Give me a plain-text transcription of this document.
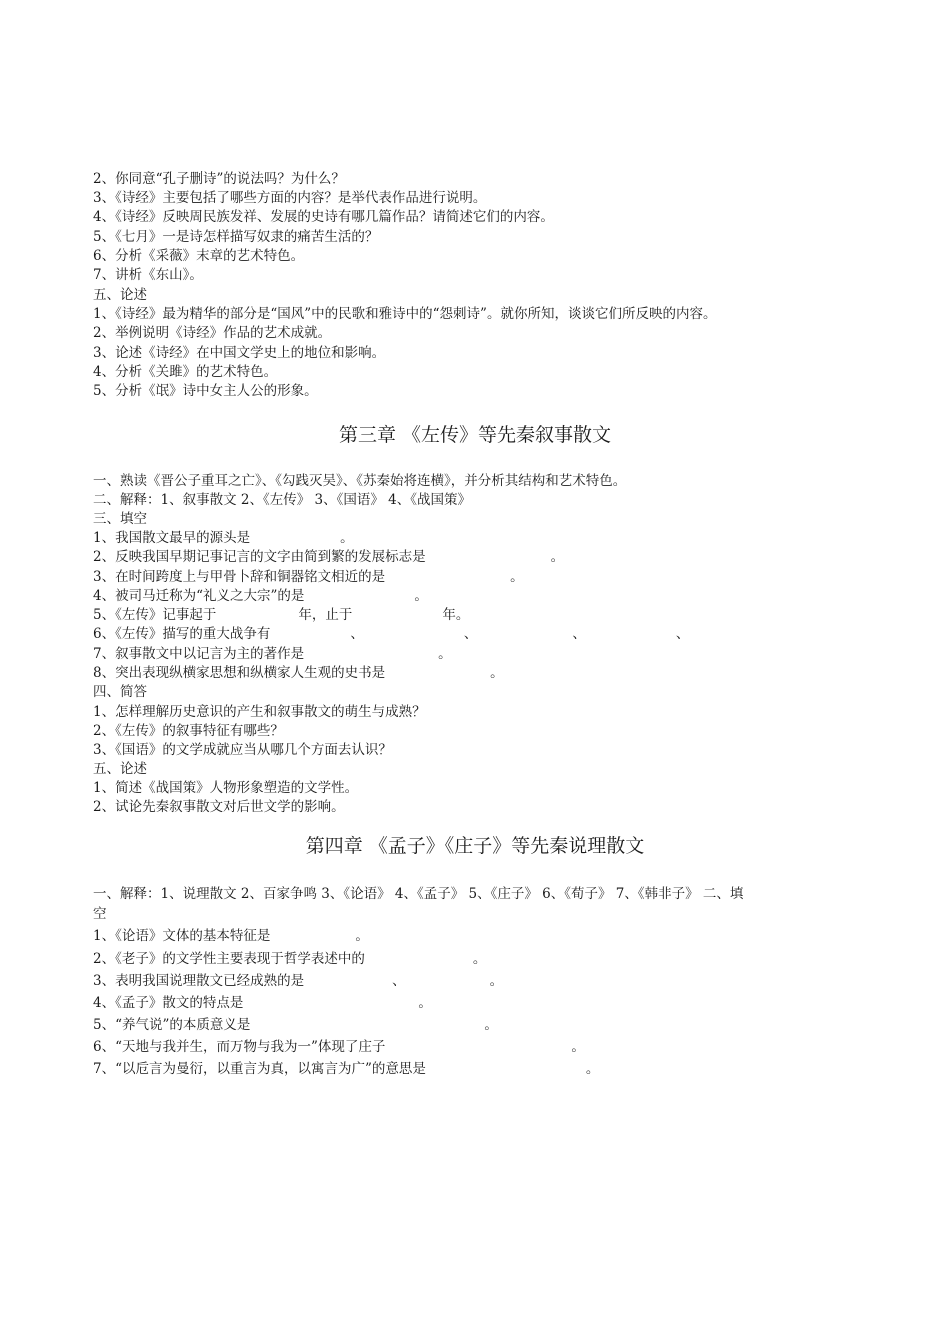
2、你同意“孔子删诗”的说法吗？为什么？
3、《诗经》主要包括了哪些方面的内容？是举代表作品进行说明。
4、《诗经》反映周民族发祥、发展的史诗有哪几篇作品？请简述它们的内容。
5、《七月》一是诗怎样描写奴隶的痛苦生活的？
6、分析《采薇》末章的艺术特色。
7、讲析《东山》。
五、论述
1、《诗经》最为精华的部分是“国风”中的民歌和雅诗中的“怨刺诗”。就你所知，谈谈它们所反映的内容。
2、举例说明《诗经》作品的艺术成就。
3、论述《诗经》在中国文学史上的地位和影响。
4、分析《关雎》的艺术特色。
5、分析《氓》诗中女主人公的形象。
第三章 《左传》等先秦叙事散文
一、熟读《晋公子重耳之亡》、《勾践灭吴》、《苏秦始将连横》，并分析其结构和艺术特色。
二、解释：1、叙事散文 2、《左传》 3、《国语》 4、《战国策》
三、填空
1、我国散文最早的源头是	。
2、反映我国早期记事记言的文字由简到繁的发展标志是	。
3、在时间跨度上与甲骨卜辞和铜器铭文相近的是	。
4、被司马迁称为“礼义之大宗”的是	。
5、《左传》记事起于	年，止于	年。
6、《左传》描写的重大战争有	、	、	、	、
7、叙事散文中以记言为主的著作是	。
8、突出表现纵横家思想和纵横家人生观的史书是	。
四、简答
1、怎样理解历史意识的产生和叙事散文的萌生与成熟？
2、《左传》的叙事特征有哪些？
3、《国语》的文学成就应当从哪几个方面去认识？
五、论述
1、简述《战国策》人物形象塑造的文学性。
2、试论先秦叙事散文对后世文学的影响。
第四章 《孟子》《庄子》等先秦说理散文
一、解释：1、说理散文 2、百家争鸣 3、《论语》 4、《孟子》 5、《庄子》 6、《荀子》 7、《韩非子》 二、填
空
1、《论语》文体的基本特征是	。
2、《老子》的文学性主要表现于哲学表述中的	。
3、表明我国说理散文已经成熟的是	、	。
4、《孟子》散文的特点是	。
5、“养气说”的本质意义是	。
6、“天地与我并生，而万物与我为一”体现了庄子	。
7、“以卮言为曼衍，以重言为真，以寓言为广”的意思是	。
